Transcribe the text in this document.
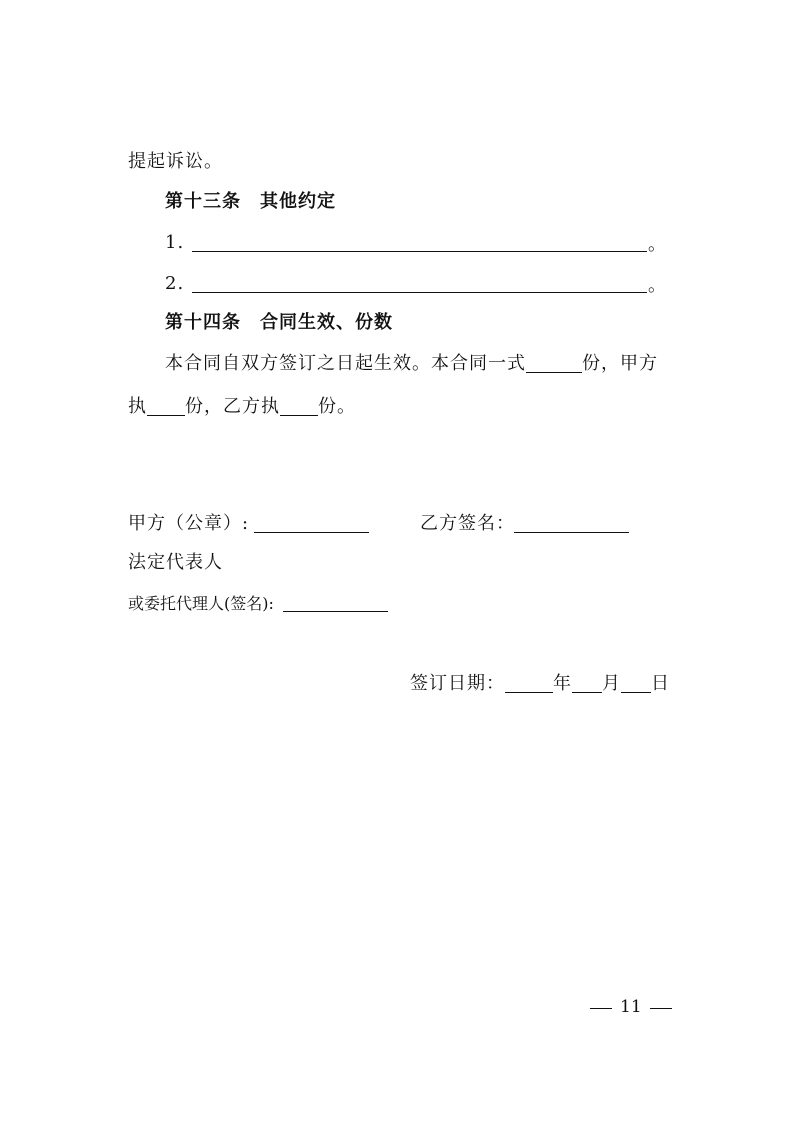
提起诉讼。
第十三条　其他约定
1.	。
2.	。
第十四条　合同生效、份数
本合同自双方签订之日起生效。本合同一式	份，甲方
执 份，乙方执 份。
甲方（公章）:	乙方签名：
法定代表人
或委托代理人(签名):
签订日期：	年 月 日
11
